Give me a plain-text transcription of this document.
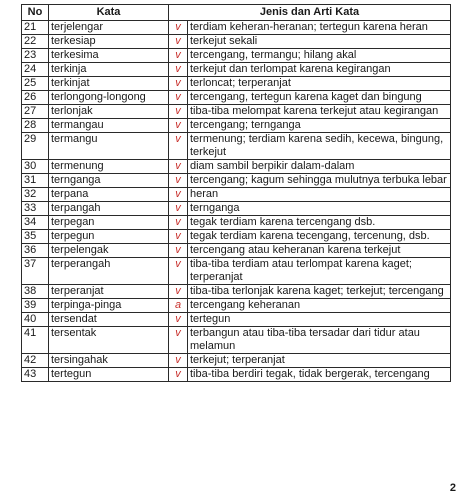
No	Kata	Jenis dan Arti Kata	
21	terjelengar	v	terdiam keheran-heranan; tertegun karena heran
22	terkesiap	v	terkejut sekali
23	terkesima	v	tercengang, termangu; hilang akal
24	terkinja	v	terkejut dan terlompat karena kegirangan
25	terkinjat	v	terloncat; terperanjat
26	terlongong-longong	v	tercengang, tertegun karena kaget dan bingung
27	terlonjak	v	tiba-tiba melompat karena terkejut atau kegirangan
28	termangau	v	tercengang; ternganga
29	termangu	v	termenung; terdiam karena sedih, kecewa, bingung, terkejut
30	termenung	v	diam sambil berpikir dalam-dalam
31	ternganga	v	tercengang; kagum sehingga mulutnya terbuka lebar
32	terpana	v	heran
33	terpangah	v	ternganga
34	terpegan	v	tegak terdiam karena tercengang dsb.
35	terpegun	v	tegak terdiam karena tecengang, tercenung, dsb.
36	terpelengak	v	tercengang atau keheranan karena terkejut
37	terperangah	v	tiba-tiba terdiam atau terlompat karena kaget; terperanjat
38	terperanjat	v	tiba-tiba terlonjak karena kaget; terkejut; tercengang
39	terpinga-pinga	a	tercengang keheranan
40	tersendat	v	tertegun
41	tersentak	v	terbangun atau tiba-tiba tersadar dari tidur atau melamun
42	tersingahak	v	terkejut; terperanjat
43	tertegun	v	tiba-tiba berdiri tegak, tidak bergerak, tercengang
2
